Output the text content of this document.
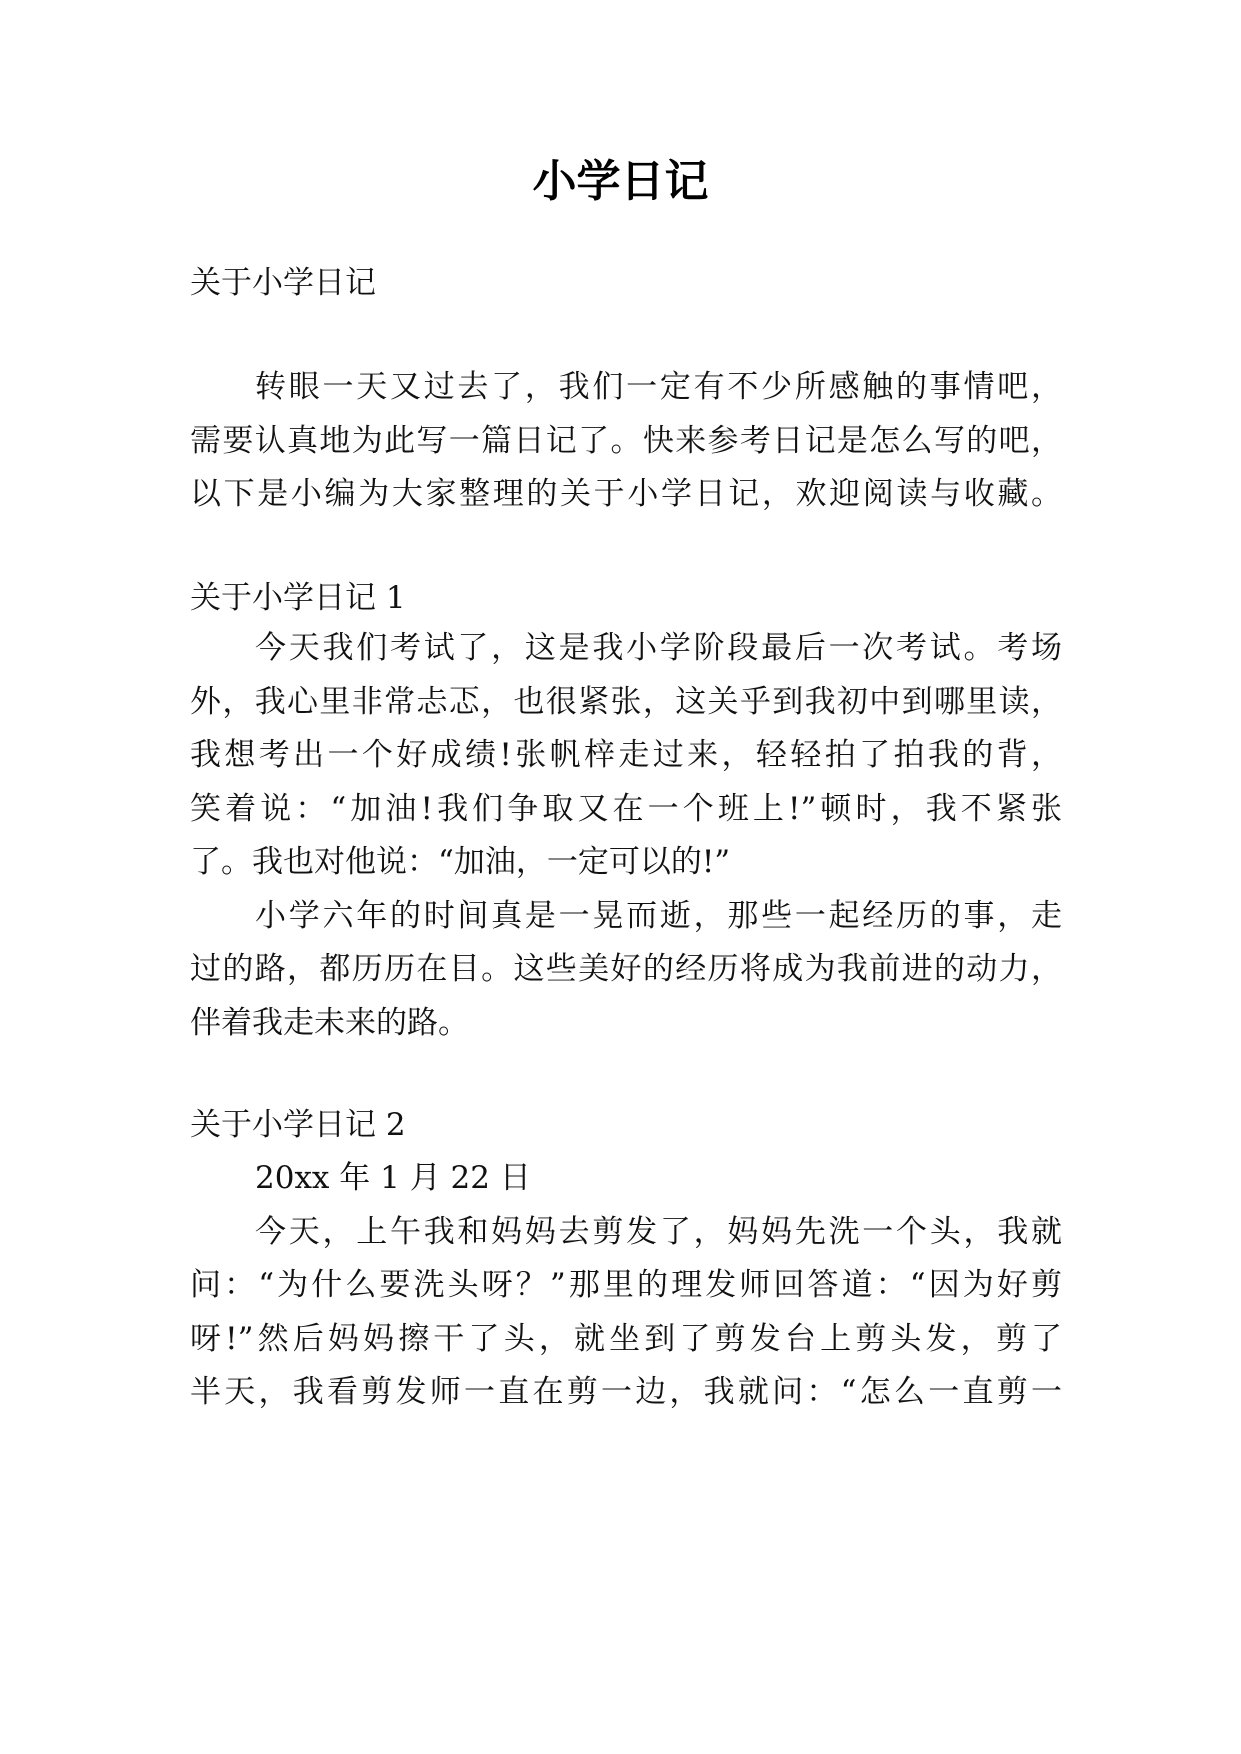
小学日记
关于小学日记
转眼一天又过去了，我们一定有不少所感触的事情吧，
需要认真地为此写一篇日记了。快来参考日记是怎么写的吧，
以下是小编为大家整理的关于小学日记，欢迎阅读与收藏。
关于小学日记 1
今天我们考试了，这是我小学阶段最后一次考试。考场
外，我心里非常忐忑，也很紧张，这关乎到我初中到哪里读，
我想考出一个好成绩!张帆梓走过来，轻轻拍了拍我的背，
笑着说：“加油!我们争取又在一个班上!”顿时，我不紧张
了。我也对他说：“加油，一定可以的!”
小学六年的时间真是一晃而逝，那些一起经历的事，走
过的路，都历历在目。这些美好的经历将成为我前进的动力，
伴着我走未来的路。
关于小学日记 2
20xx 年 1 月 22 日
今天，上午我和妈妈去剪发了，妈妈先洗一个头，我就
问：“为什么要洗头呀？”那里的理发师回答道：“因为好剪
呀!”然后妈妈擦干了头，就坐到了剪发台上剪头发，剪了
半天，我看剪发师一直在剪一边，我就问：“怎么一直剪一
